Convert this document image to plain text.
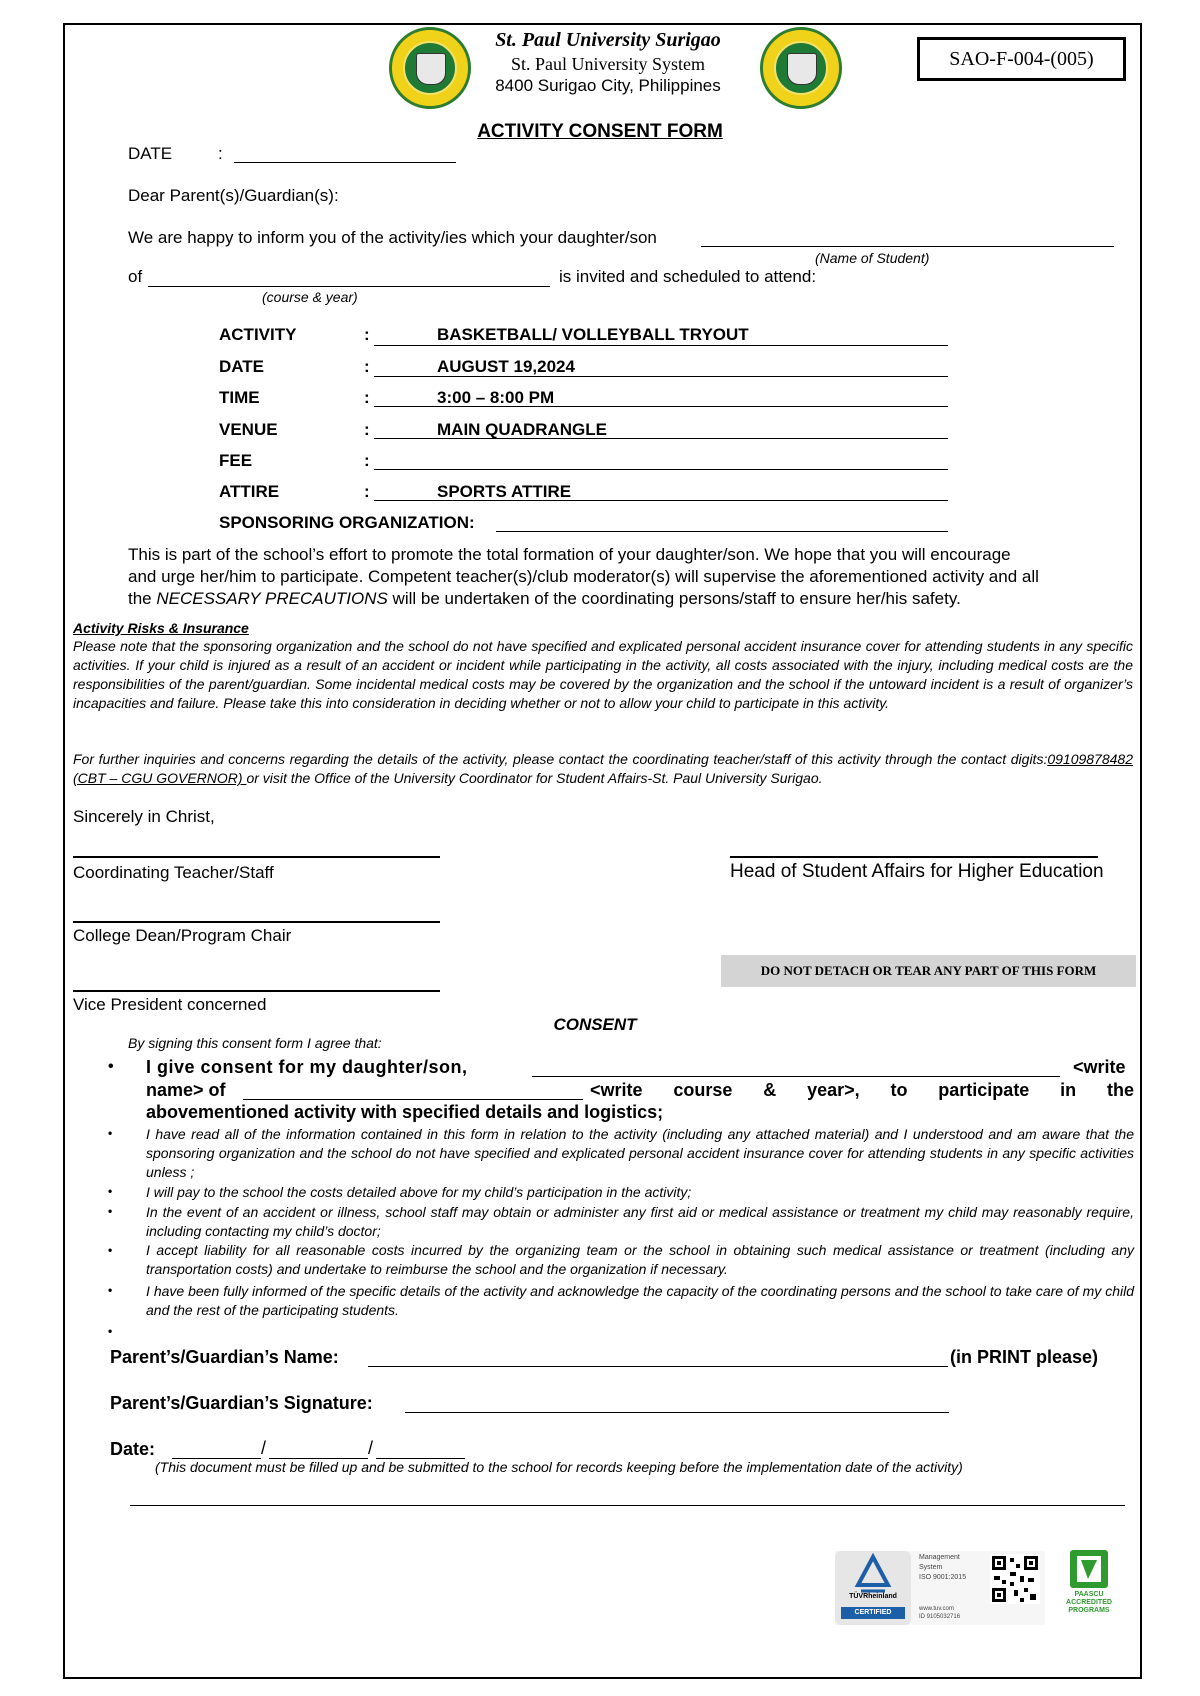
St. Paul University Surigao
St. Paul University System
8400 Surigao City, Philippines
SAO-F-004-(005)
ACTIVITY CONSENT FORM
DATE	:
Dear Parent(s)/Guardian(s):
We are happy to inform you of the activity/ies which your daughter/son
(Name of Student)
of	is invited and scheduled to attend:
(course & year)
ACTIVITY	:	BASKETBALL/ VOLLEYBALL TRYOUT
DATE	:	AUGUST 19,2024
TIME	:	3:00 – 8:00 PM
VENUE	:	MAIN QUADRANGLE
FEE	:
ATTIRE	:	SPORTS ATTIRE
SPONSORING ORGANIZATION:
This is part of the school’s effort to promote the total formation of your daughter/son. We hope that you will encourage
and urge her/him to participate. Competent teacher(s)/club moderator(s) will supervise the aforementioned activity and all
the NECESSARY PRECAUTIONS will be undertaken of the coordinating persons/staff to ensure her/his safety.
Activity Risks & Insurance
Please note that the sponsoring organization and the school do not have specified and explicated personal accident insurance cover for attending students in any specific activities. If your child is injured as a result of an accident or incident while participating in the activity, all costs associated with the injury, including medical costs are the responsibilities of the parent/guardian. Some incidental medical costs may be covered by the organization and the school if the untoward incident is a result of organizer’s incapacities and failure. Please take this into consideration in deciding whether or not to allow your child to participate in this activity.
For further inquiries and concerns regarding the details of the activity, please contact the coordinating teacher/staff of this activity through the contact digits:09109878482 (CBT – CGU GOVERNOR) or visit the Office of the University Coordinator for Student Affairs-St. Paul University Surigao.
Sincerely in Christ,
Coordinating Teacher/Staff	Head of Student Affairs for Higher Education
College Dean/Program Chair
DO NOT DETACH OR TEAR ANY PART OF THIS FORM
Vice President concerned
CONSENT
By signing this consent form I agree that:
• I give consent for my daughter/son,	<write
name> of	<write course & year>, to participate in the
abovementioned activity with specified details and logistics;
• I have read all of the information contained in this form in relation to the activity (including any attached material) and I understood and am aware that the sponsoring organization and the school do not have specified and explicated personal accident insurance cover for attending students in any specific activities unless ;
• I will pay to the school the costs detailed above for my child’s participation in the activity;
• In the event of an accident or illness, school staff may obtain or administer any first aid or medical assistance or treatment my child may reasonably require, including contacting my child’s doctor;
• I accept liability for all reasonable costs incurred by the organizing team or the school in obtaining such medical assistance or treatment (including any transportation costs) and undertake to reimburse the school and the organization if necessary.
• I have been fully informed of the specific details of the activity and acknowledge the capacity of the coordinating persons and the school to take care of my child and the rest of the participating students.
•
Parent’s/Guardian’s Name:	(in PRINT please)
Parent’s/Guardian’s Signature:
Date:	/	/
(This document must be filled up and be submitted to the school for records keeping before the implementation date of the activity)
TÜVRheinland
CERTIFIED
Management
System
ISO 9001:2015
www.tuv.com
ID 9105032716
PAASCU
ACCREDITED
PROGRAMS
